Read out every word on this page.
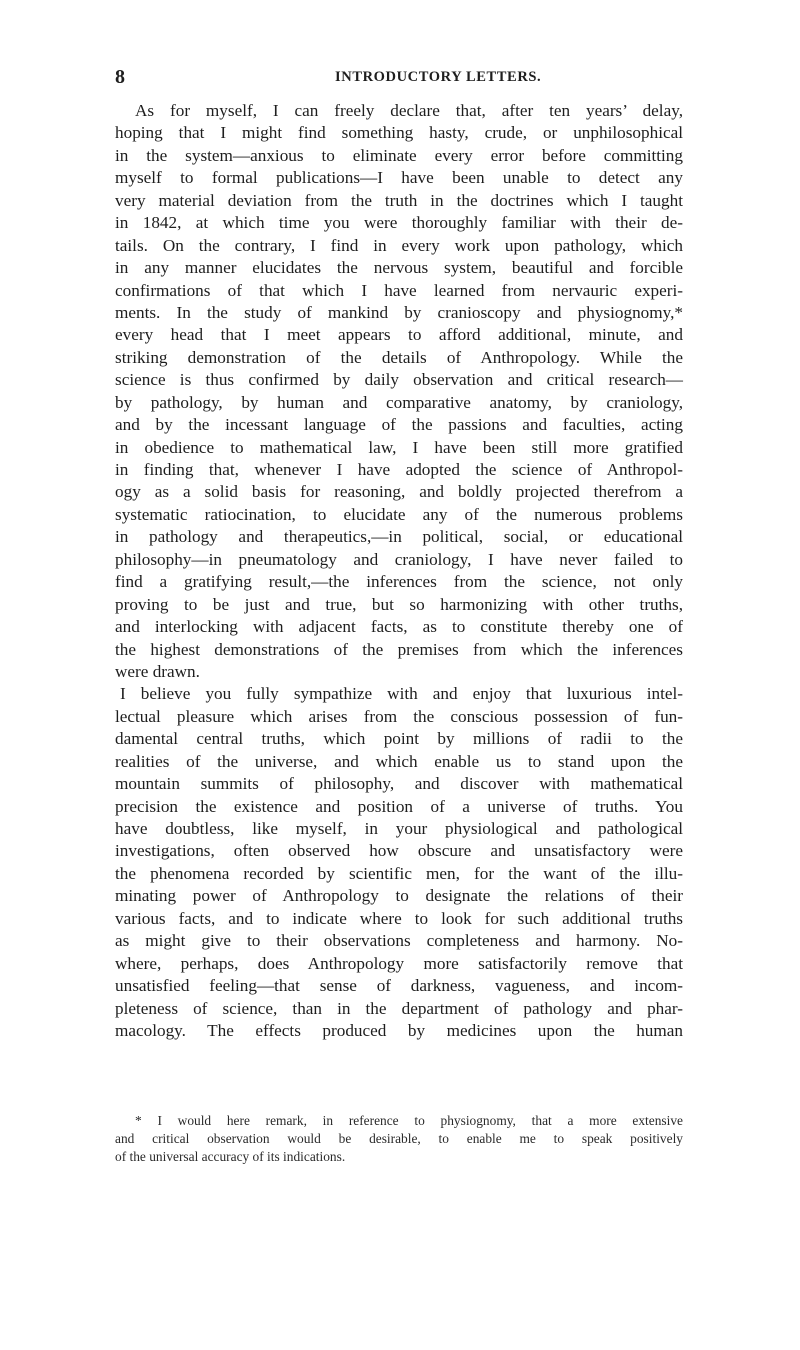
8	INTRODUCTORY LETTERS.
As for myself, I can freely declare that, after ten years’ delay,
hoping that I might find something hasty, crude, or unphilosophical
in the system—anxious to eliminate every error before committing
myself to formal publications—I have been unable to detect any
very material deviation from the truth in the doctrines which I taught
in 1842, at which time you were thoroughly familiar with their de-
tails. On the contrary, I find in every work upon pathology, which
in any manner elucidates the nervous system, beautiful and forcible
confirmations of that which I have learned from nervauric experi-
ments. In the study of mankind by cranioscopy and physiognomy,*
every head that I meet appears to afford additional, minute, and
striking demonstration of the details of Anthropology. While the
science is thus confirmed by daily observation and critical research—
by pathology, by human and comparative anatomy, by craniology,
and by the incessant language of the passions and faculties, acting
in obedience to mathematical law, I have been still more gratified
in finding that, whenever I have adopted the science of Anthropol-
ogy as a solid basis for reasoning, and boldly projected therefrom a
systematic ratiocination, to elucidate any of the numerous problems
in pathology and therapeutics,—in political, social, or educational
philosophy—in pneumatology and craniology, I have never failed to
find a gratifying result,—the inferences from the science, not only
proving to be just and true, but so harmonizing with other truths,
and interlocking with adjacent facts, as to constitute thereby one of
the highest demonstrations of the premises from which the inferences
were drawn.
I believe you fully sympathize with and enjoy that luxurious intel-
lectual pleasure which arises from the conscious possession of fun-
damental central truths, which point by millions of radii to the
realities of the universe, and which enable us to stand upon the
mountain summits of philosophy, and discover with mathematical
precision the existence and position of a universe of truths. You
have doubtless, like myself, in your physiological and pathological
investigations, often observed how obscure and unsatisfactory were
the phenomena recorded by scientific men, for the want of the illu-
minating power of Anthropology to designate the relations of their
various facts, and to indicate where to look for such additional truths
as might give to their observations completeness and harmony. No-
where, perhaps, does Anthropology more satisfactorily remove that
unsatisfied feeling—that sense of darkness, vagueness, and incom-
pleteness of science, than in the department of pathology and phar-
macology. The effects produced by medicines upon the human
* I would here remark, in reference to physiognomy, that a more extensive
and critical observation would be desirable, to enable me to speak positively
of the universal accuracy of its indications.
